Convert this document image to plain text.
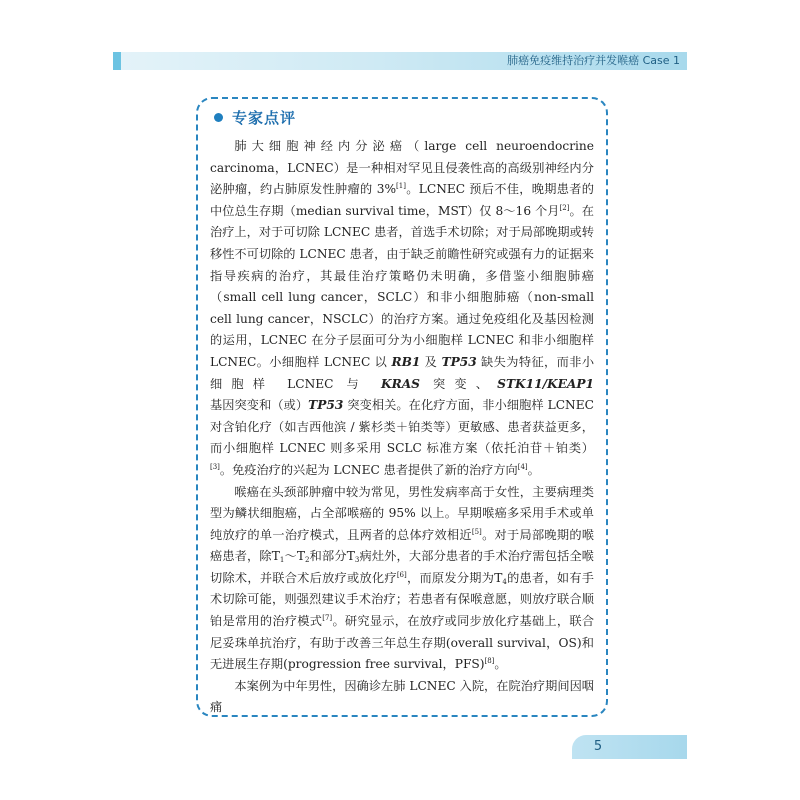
肺癌免疫维持治疗并发喉癌 Case 1
专家点评

肺大细胞神经内分泌癌（large cell neuroendocrine carcinoma，LCNEC）是一种相对罕见且侵袭性高的高级别神经内分泌肿瘤，约占肺原发性肿瘤的 3%[1]。LCNEC 预后不佳，晚期患者的中位总生存期（median survival time，MST）仅 8～16 个月[2]。在治疗上，对于可切除 LCNEC 患者，首选手术切除；对于局部晚期或转移性不可切除的 LCNEC 患者，由于缺乏前瞻性研究或强有力的证据来指导疾病的治疗，其最佳治疗策略仍未明确，多借鉴小细胞肺癌（small cell lung cancer，SCLC）和非小细胞肺癌（non-small cell lung cancer，NSCLC）的治疗方案。通过免疫组化及基因检测的运用，LCNEC 在分子层面可分为小细胞样 LCNEC 和非小细胞样 LCNEC。小细胞样 LCNEC 以 RB1 及 TP53 缺失为特征，而非小细胞样 LCNEC 与 KRAS 突变、STK11/KEAP1 基因突变和（或）TP53 突变相关。在化疗方面，非小细胞样 LCNEC 对含铂化疗（如吉西他滨 / 紫杉类＋铂类等）更敏感、患者获益更多，而小细胞样 LCNEC 则多采用 SCLC 标准方案（依托泊苷＋铂类）[3]。免疫治疗的兴起为 LCNEC 患者提供了新的治疗方向[4]。

喉癌在头颈部肿瘤中较为常见，男性发病率高于女性，主要病理类型为鳞状细胞癌，占全部喉癌的 95% 以上。早期喉癌多采用手术或单纯放疗的单一治疗模式，且两者的总体疗效相近[5]。对于局部晚期的喉癌患者，除$T_1\sim T_2$和部分$T_3$病灶外，大部分患者的手术治疗需包括全喉切除术，并联合术后放疗或放化疗[6]，而原发分期为$T_4$的患者，如有手术切除可能，则强烈建议手术治疗；若患者有保喉意愿，则放疗联合顺铂是常用的治疗模式[7]。研究显示，在放疗或同步放化疗基础上，联合尼妥珠单抗治疗，有助于改善三年总生存期(overall survival，OS)和无进展生存期(progression free survival，PFS)[8]。

本案例为中年男性，因确诊左肺 LCNEC 入院，在院治疗期间因咽痛

5
